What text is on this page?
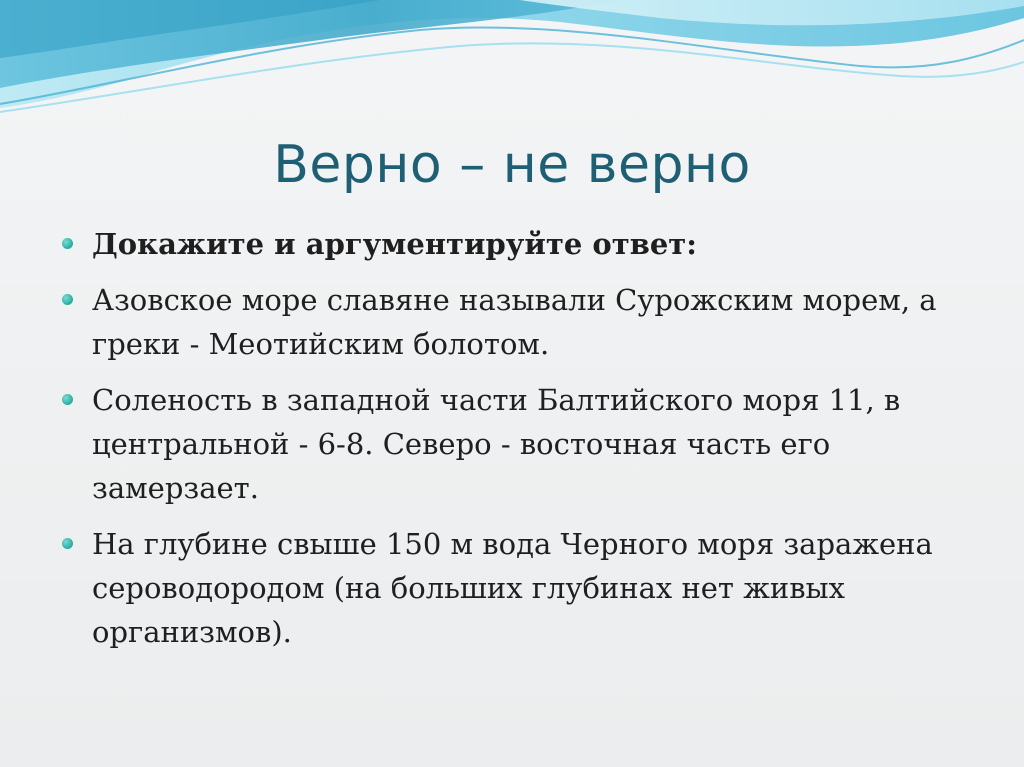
Верно – не верно
Докажите и аргументируйте ответ:
Азовское море славяне называли Сурожским морем, а греки - Меотийским болотом.
Соленость в западной части Балтийского моря 11, в центральной - 6-8. Северо - восточная часть его замерзает.
На глубине свыше 150 м вода Черного моря заражена сероводородом (на больших глубинах нет живых организмов).
